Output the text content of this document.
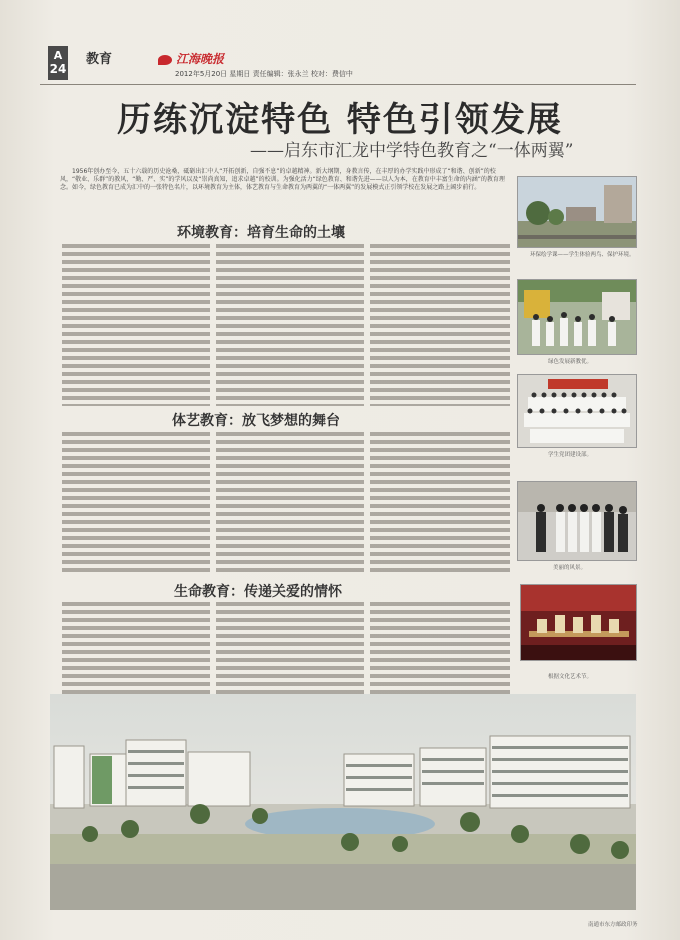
A
24
教育	江海晚报
2012年5月20日 星期日 责任编辑：张永兰 校对：费信中
历练沉淀特色 特色引领发展
——启东市汇龙中学特色教育之“一体两翼”
1956年创办至今，五十六载的历史沧桑，砥砺出汇中人“开拓创新，自强不息”的卓越精神。新大纲期，身教言传，在丰厚的办学实践中形成了“和谐、创新”的校风，“敬业、乐群”的教风，“勤、严、实”的学风以及“崇尚真知，追求卓越”的校训。为强化活力“绿色教育、和谐先进——以人为本，在教育中丰富生命的内涵”的教育理念。如今，绿色教育已成为汇中的一张特色名片，以环境教育为主体，体艺教育与生命教育为两翼的“一体两翼”的发展模式正引领学校在发展之路上阔步前行。
环境教育：培育生命的土壤
体艺教育：放飞梦想的舞台
生命教育：传递关爱的情怀
环保绘学课——学生体验两鸟、保护环境。
绿色发展新教优。
学生党团建设部。
美丽的风景。
根据文化艺术节。
南通市东方邮政印务
